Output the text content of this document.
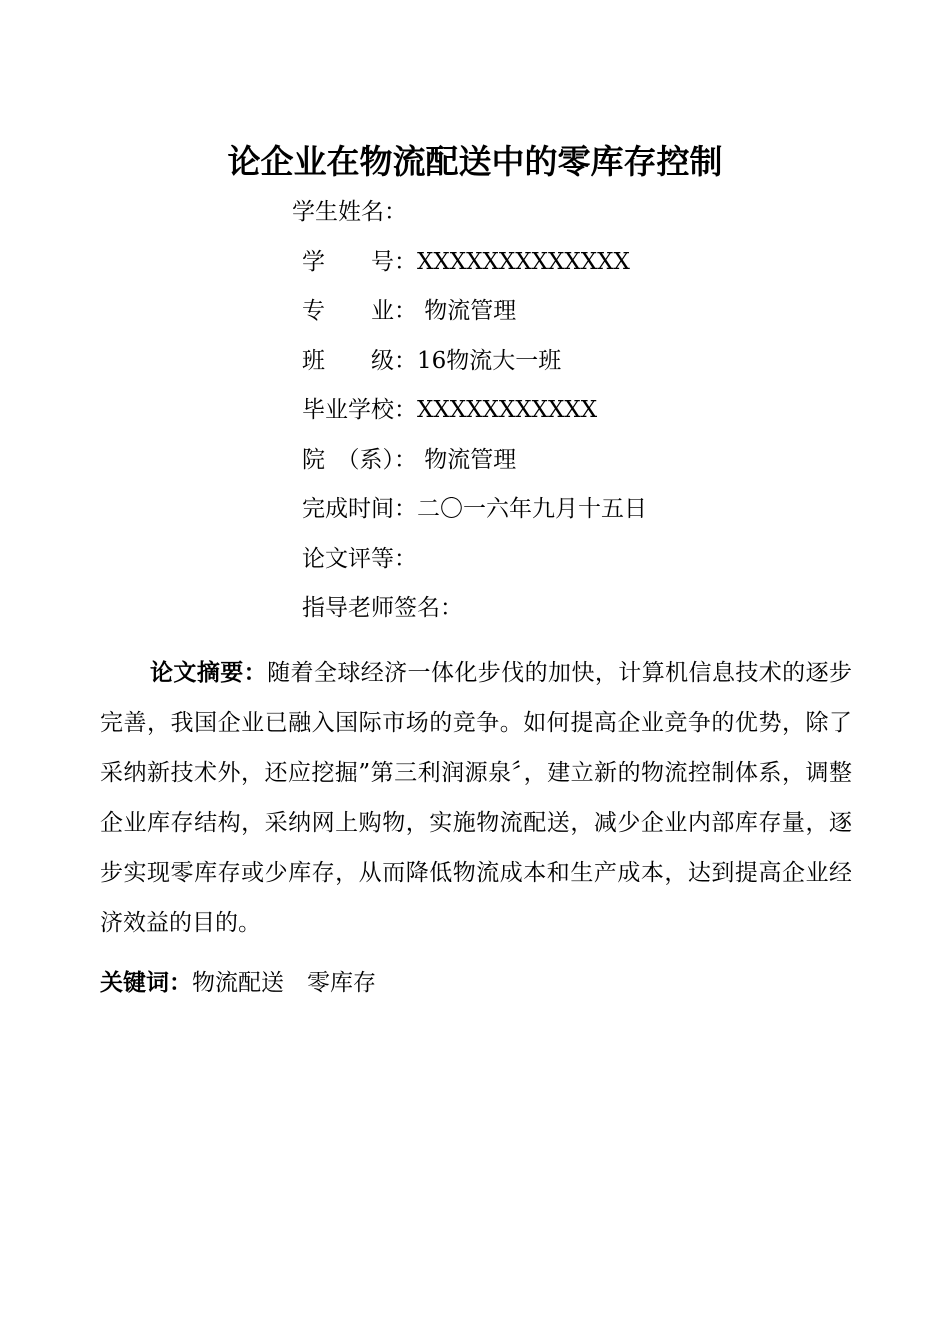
论企业在物流配送中的零库存控制
学生姓名：
学　　号：XXXXXXXXXXXXX
专　　业： 物流管理
班　　级：16物流大一班
毕业学校：XXXXXXXXXXX
院　（系）： 物流管理
完成时间：二〇一六年九月十五日
论文评等：
指导老师签名：

论文摘要：随着全球经济一体化步伐的加快，计算机信息技术的逐步完善，我国企业已融入国际市场的竞争。如何提高企业竞争的优势，除了采纳新技术外，还应挖掘”第三利润源泉〞，建立新的物流控制体系，调整企业库存结构，采纳网上购物，实施物流配送，减少企业内部库存量，逐步实现零库存或少库存，从而降低物流成本和生产成本，达到提高企业经济效益的目的。

关键词：物流配送　零库存
